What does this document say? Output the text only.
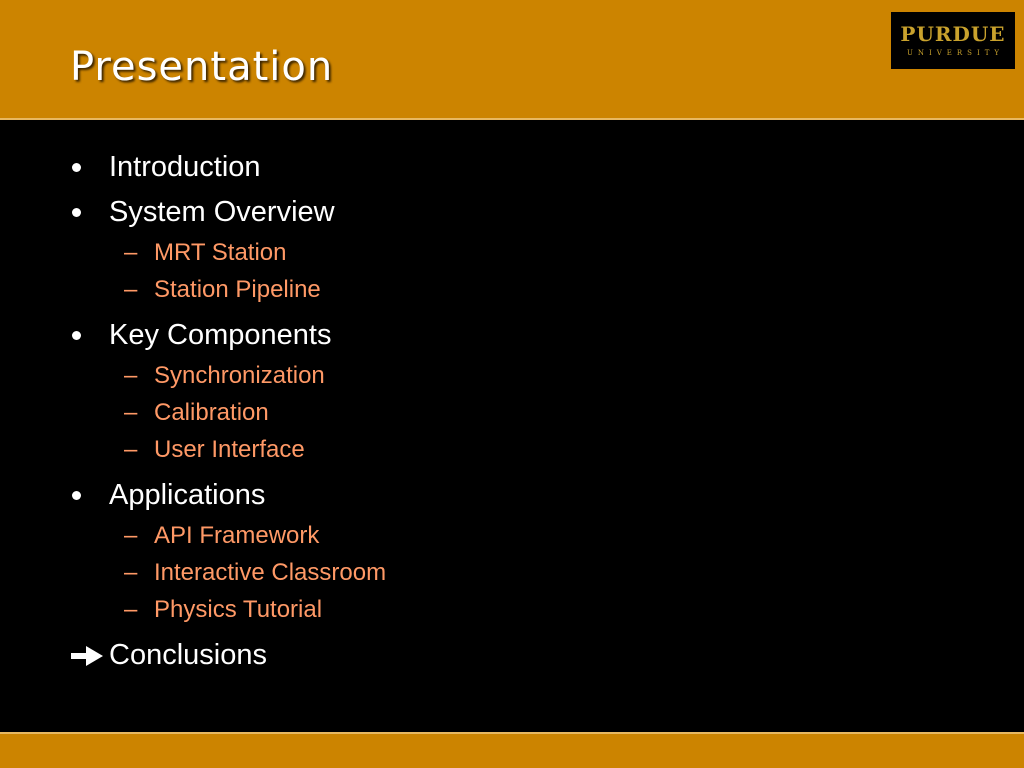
Presentation
PURDUE
UNIVERSITY
Introduction
System Overview
– MRT Station
– Station Pipeline
Key Components
– Synchronization
– Calibration
– User Interface
Applications
– API Framework
– Interactive Classroom
– Physics Tutorial
Conclusions
